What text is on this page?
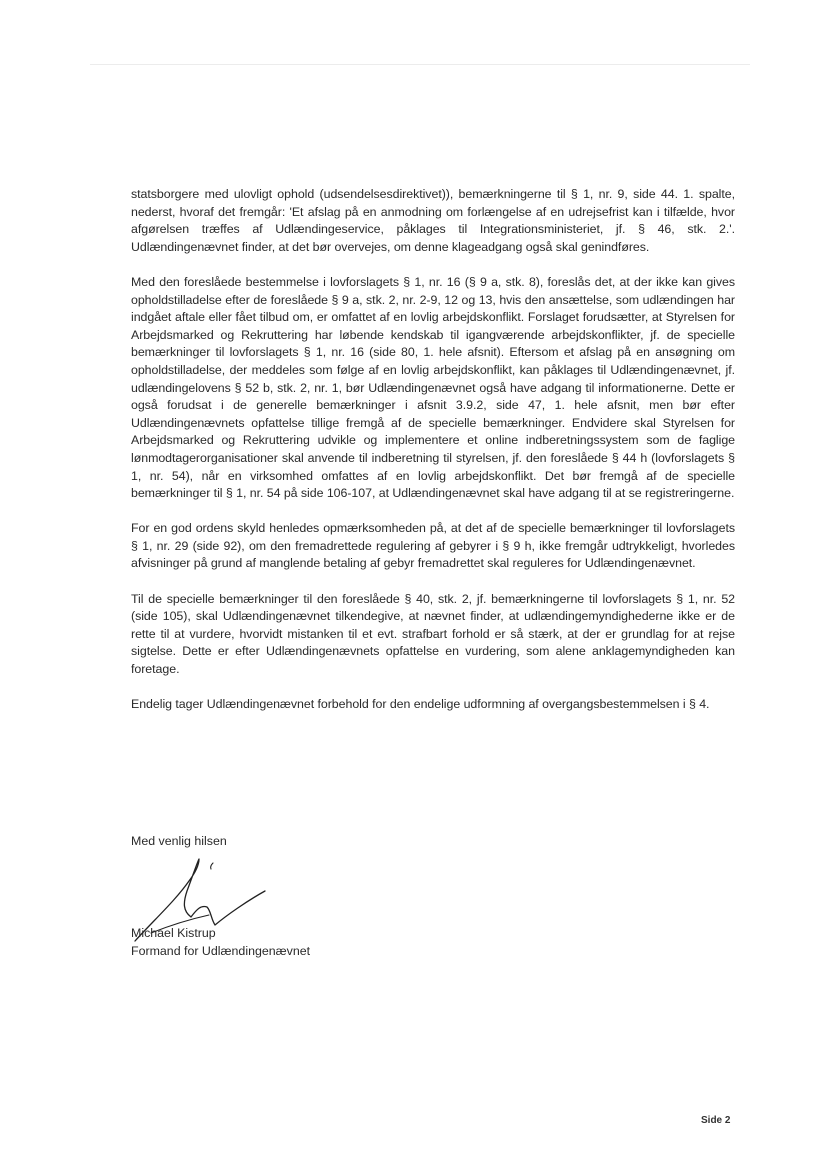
statsborgere med ulovligt ophold (udsendelsesdirektivet)), bemærkningerne til § 1, nr. 9, side 44. 1. spalte, nederst, hvoraf det fremgår: 'Et afslag på en anmodning om forlængelse af en udrejsefrist kan i tilfælde, hvor afgørelsen træffes af Udlændingeservice, påklages til Integrationsministeriet, jf. § 46, stk. 2.'. Udlændingenævnet finder, at det bør overvejes, om denne klageadgang også skal genindføres.

Med den foreslåede bestemmelse i lovforslagets § 1, nr. 16 (§ 9 a, stk. 8), foreslås det, at der ikke kan gives opholdstilladelse efter de foreslåede § 9 a, stk. 2, nr. 2-9, 12 og 13, hvis den ansættelse, som udlændingen har indgået aftale eller fået tilbud om, er omfattet af en lovlig arbejdskonflikt. Forslaget forudsætter, at Styrelsen for Arbejdsmarked og Rekruttering har løbende kendskab til igangværende arbejdskonflikter, jf. de specielle bemærkninger til lovforslagets § 1, nr. 16 (side 80, 1. hele afsnit). Eftersom et afslag på en ansøgning om opholdstilladelse, der meddeles som følge af en lovlig arbejdskonflikt, kan påklages til Udlændingenævnet, jf. udlændingelovens § 52 b, stk. 2, nr. 1, bør Udlændingenævnet også have adgang til informationerne. Dette er også forudsat i de generelle bemærkninger i afsnit 3.9.2, side 47, 1. hele afsnit, men bør efter Udlændingenævnets opfattelse tillige fremgå af de specielle bemærkninger. Endvidere skal Styrelsen for Arbejdsmarked og Rekruttering udvikle og implementere et online indberetningssystem som de faglige lønmodtagerorganisationer skal anvende til indberetning til styrelsen, jf. den foreslåede § 44 h (lovforslagets § 1, nr. 54), når en virksomhed omfattes af en lovlig arbejdskonflikt. Det bør fremgå af de specielle bemærkninger til § 1, nr. 54 på side 106-107, at Udlændingenævnet skal have adgang til at se registreringerne.

For en god ordens skyld henledes opmærksomheden på, at det af de specielle bemærkninger til lovforslagets § 1, nr. 29 (side 92), om den fremadrettede regulering af gebyrer i § 9 h, ikke fremgår udtrykkeligt, hvorledes afvisninger på grund af manglende betaling af gebyr fremadrettet skal reguleres for Udlændingenævnet.

Til de specielle bemærkninger til den foreslåede § 40, stk. 2, jf. bemærkningerne til lovforslagets § 1, nr. 52 (side 105), skal Udlændingenævnet tilkendegive, at nævnet finder, at udlændingemyndighederne ikke er de rette til at vurdere, hvorvidt mistanken til et evt. strafbart forhold er så stærk, at der er grundlag for at rejse sigtelse. Dette er efter Udlændingenævnets opfattelse en vurdering, som alene anklagemyndigheden kan foretage.

Endelig tager Udlændingenævnet forbehold for den endelige udformning af overgangsbestemmelsen i § 4.

Med venlig hilsen
Michael Kistrup
Formand for Udlændingenævnet
Side 2
